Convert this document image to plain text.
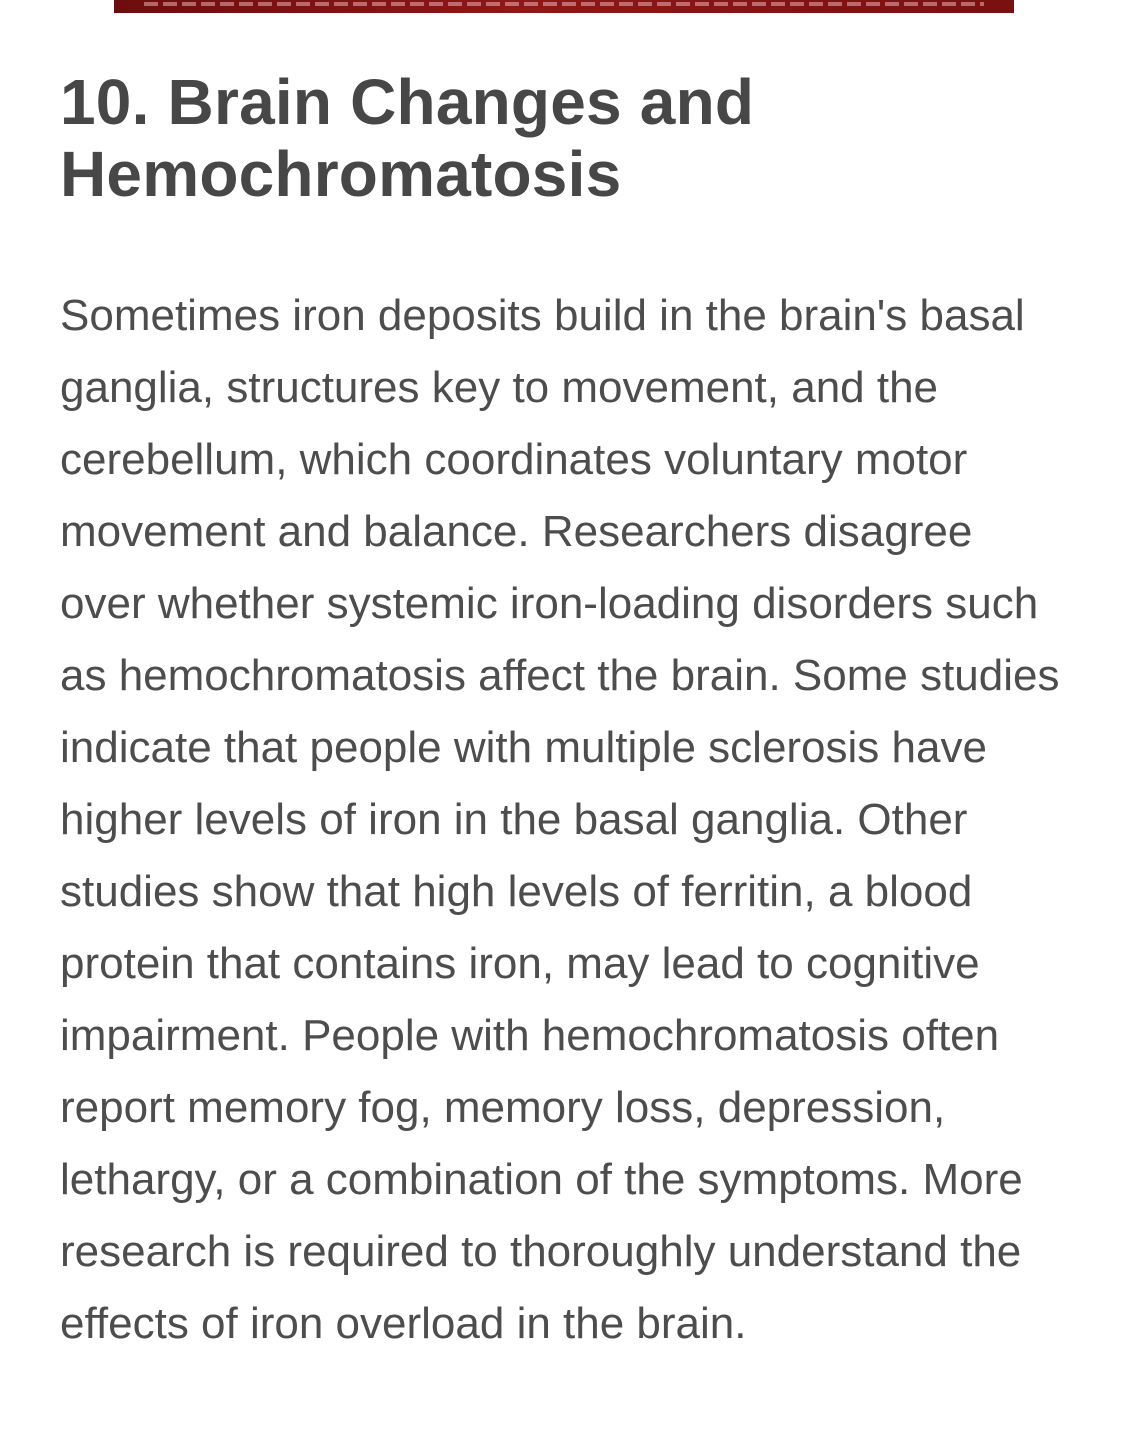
10. Brain Changes and Hemochromatosis

Sometimes iron deposits build in the brain's basal ganglia, structures key to movement, and the cerebellum, which coordinates voluntary motor movement and balance. Researchers disagree over whether systemic iron-loading disorders such as hemochromatosis affect the brain. Some studies indicate that people with multiple sclerosis have higher levels of iron in the basal ganglia. Other studies show that high levels of ferritin, a blood protein that contains iron, may lead to cognitive impairment. People with hemochromatosis often report memory fog, memory loss, depression, lethargy, or a combination of the symptoms. More research is required to thoroughly understand the effects of iron overload in the brain.
